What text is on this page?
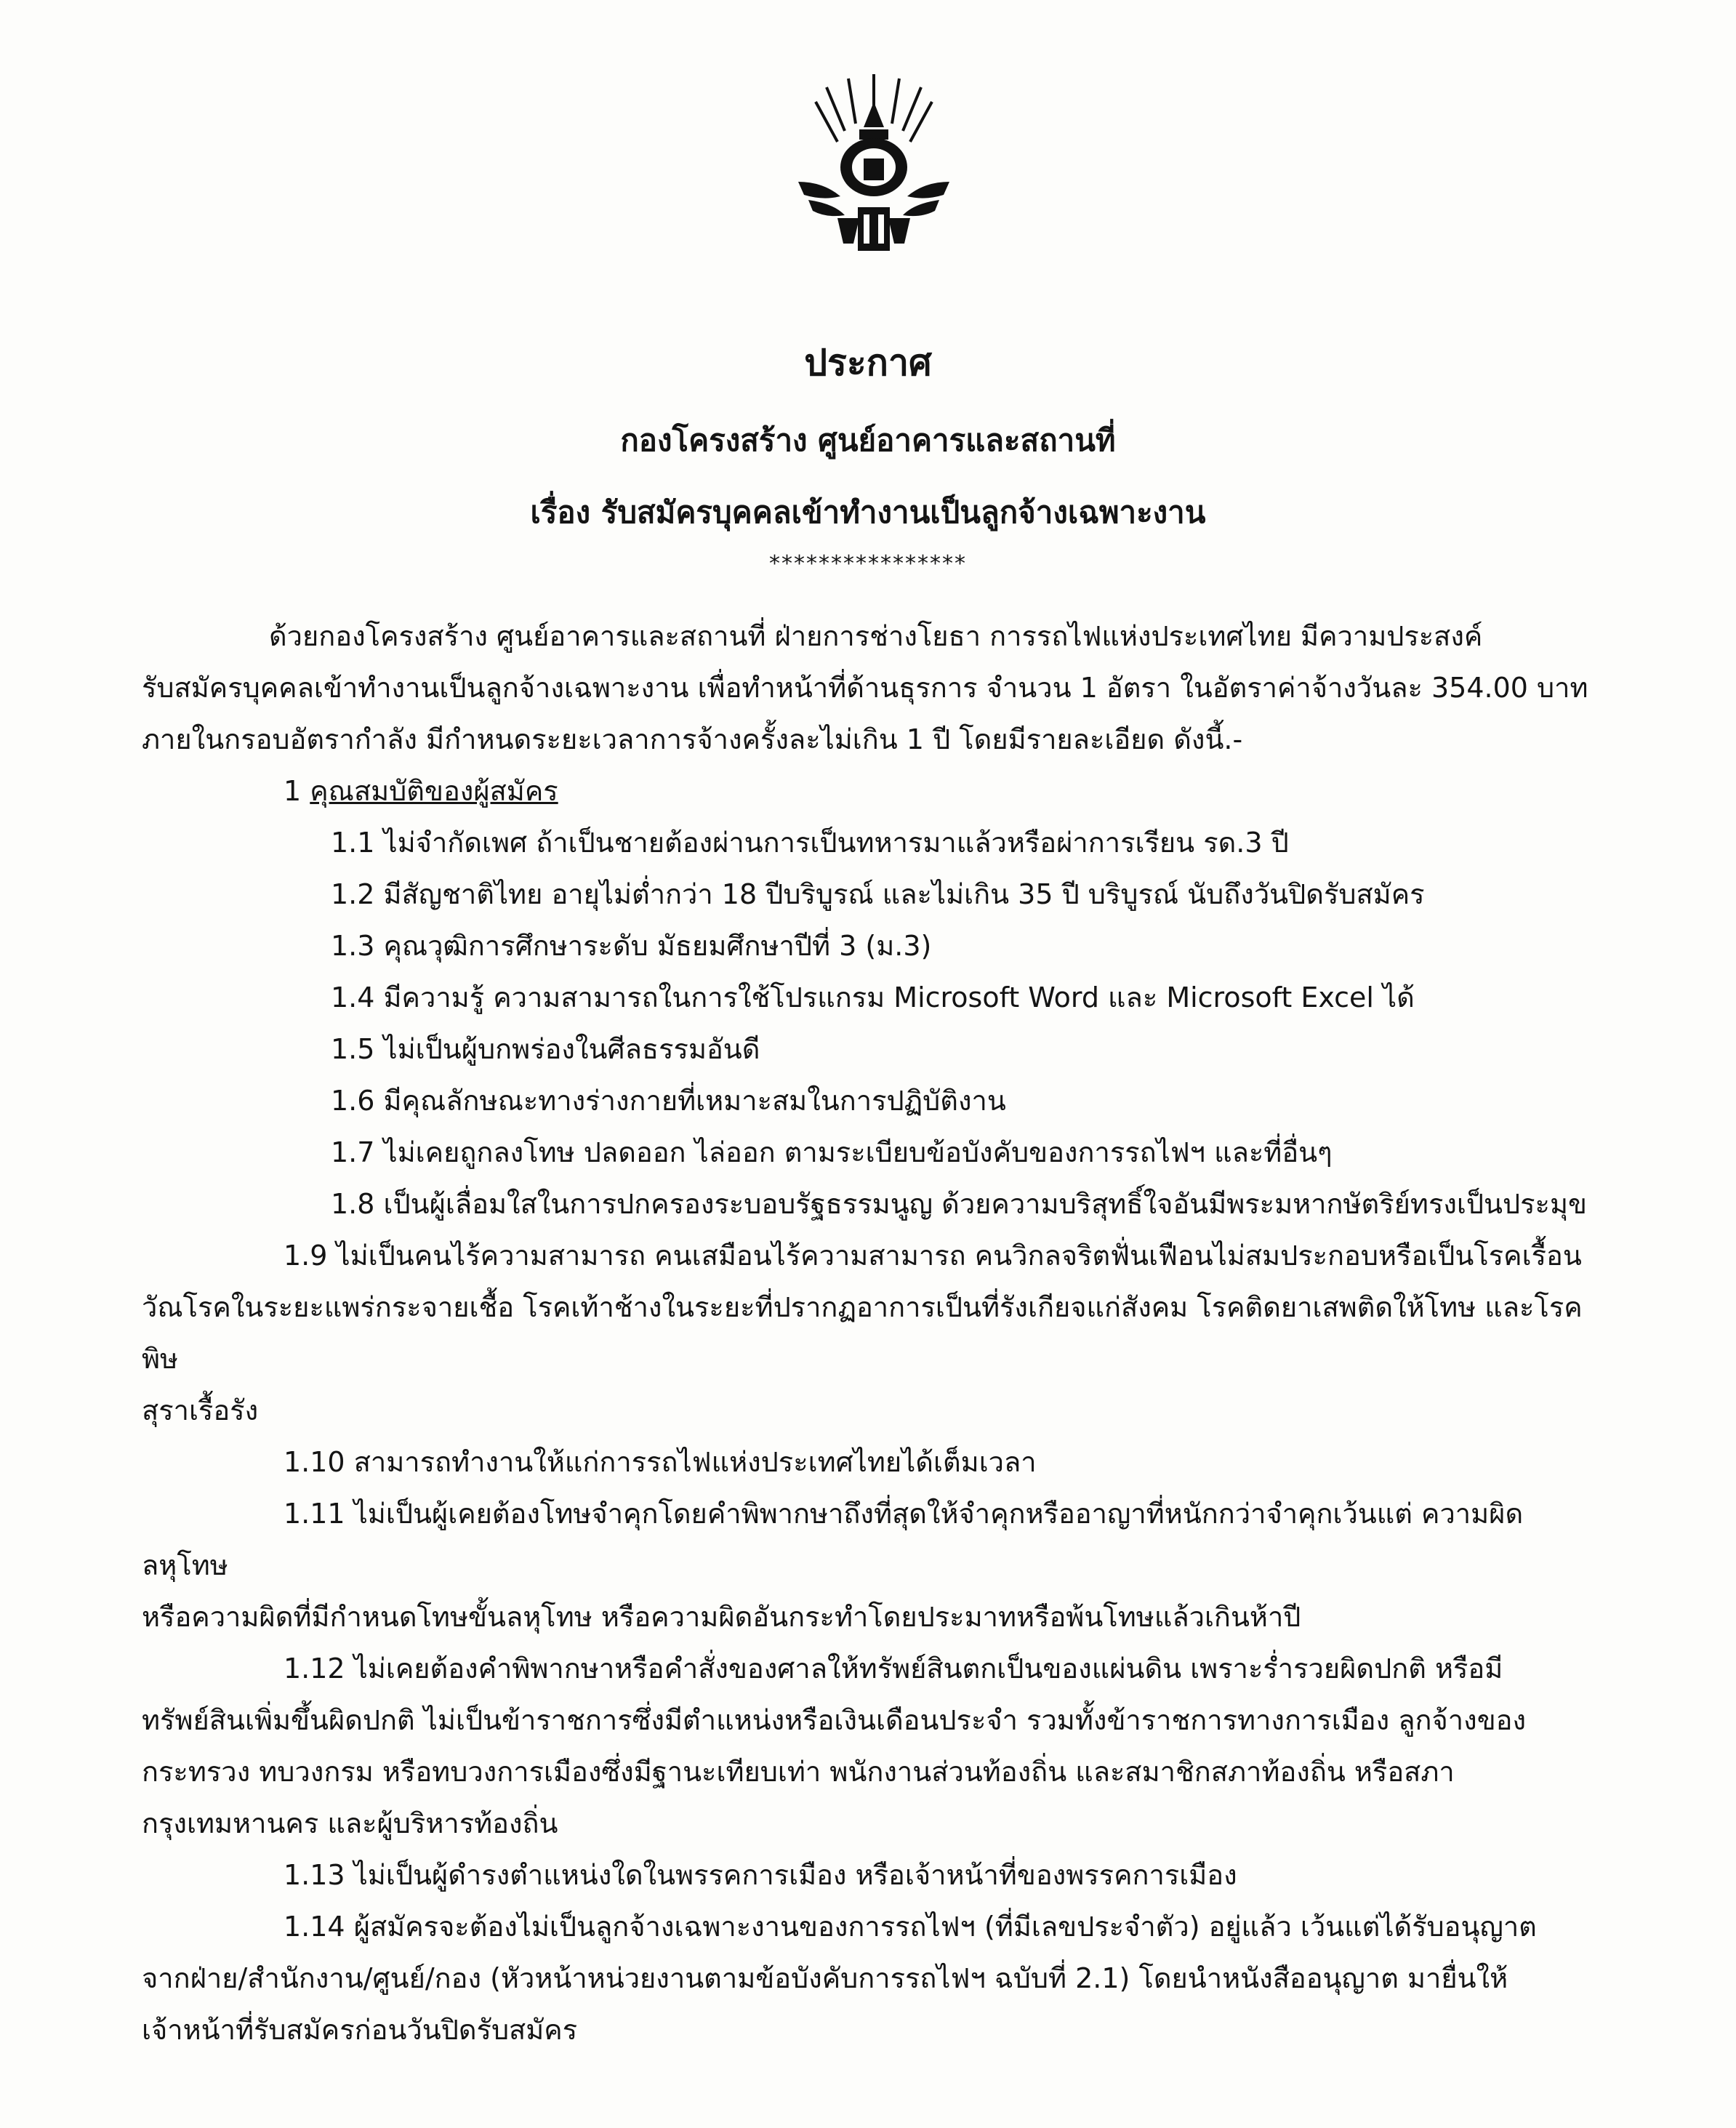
ประกาศ
กองโครงสร้าง ศูนย์อาคารและสถานที่
เรื่อง รับสมัครบุคคลเข้าทำงานเป็นลูกจ้างเฉพาะงาน
****************

ด้วยกองโครงสร้าง ศูนย์อาคารและสถานที่ ฝ่ายการช่างโยธา การรถไฟแห่งประเทศไทย มีความประสงค์

รับสมัครบุคคลเข้าทำงานเป็นลูกจ้างเฉพาะงาน เพื่อทำหน้าที่ด้านธุรการ จำนวน 1 อัตรา ในอัตราค่าจ้างวันละ 354.00 บาท

ภายในกรอบอัตรากำลัง มีกำหนดระยะเวลาการจ้างครั้งละไม่เกิน 1 ปี โดยมีรายละเอียด ดังนี้.-

1 คุณสมบัติของผู้สมัคร

1.1 ไม่จำกัดเพศ ถ้าเป็นชายต้องผ่านการเป็นทหารมาแล้วหรือผ่าการเรียน รด.3 ปี

1.2 มีสัญชาติไทย อายุไม่ต่ำกว่า 18 ปีบริบูรณ์ และไม่เกิน 35 ปี บริบูรณ์ นับถึงวันปิดรับสมัคร

1.3 คุณวุฒิการศึกษาระดับ มัธยมศึกษาปีที่ 3 (ม.3)

1.4 มีความรู้ ความสามารถในการใช้โปรแกรม Microsoft Word และ Microsoft Excel ได้

1.5 ไม่เป็นผู้บกพร่องในศีลธรรมอันดี

1.6 มีคุณลักษณะทางร่างกายที่เหมาะสมในการปฏิบัติงาน

1.7 ไม่เคยถูกลงโทษ ปลดออก ไล่ออก ตามระเบียบข้อบังคับของการรถไฟฯ และที่อื่นๆ

1.8 เป็นผู้เลื่อมใสในการปกครองระบอบรัฐธรรมนูญ ด้วยความบริสุทธิ์ใจอันมีพระมหากษัตริย์ทรงเป็นประมุข

1.9 ไม่เป็นคนไร้ความสามารถ คนเสมือนไร้ความสามารถ คนวิกลจริตฟั่นเฟือนไม่สมประกอบหรือเป็นโรคเรื้อน

วัณโรคในระยะแพร่กระจายเชื้อ โรคเท้าช้างในระยะที่ปรากฏอาการเป็นที่รังเกียจแก่สังคม โรคติดยาเสพติดให้โทษ และโรคพิษ

สุราเรื้อรัง

1.10 สามารถทำงานให้แก่การรถไฟแห่งประเทศไทยได้เต็มเวลา

1.11 ไม่เป็นผู้เคยต้องโทษจำคุกโดยคำพิพากษาถึงที่สุดให้จำคุกหรืออาญาที่หนักกว่าจำคุกเว้นแต่ ความผิดลหุโทษ

หรือความผิดที่มีกำหนดโทษขั้นลหุโทษ หรือความผิดอันกระทำโดยประมาทหรือพ้นโทษแล้วเกินห้าปี

1.12 ไม่เคยต้องคำพิพากษาหรือคำสั่งของศาลให้ทรัพย์สินตกเป็นของแผ่นดิน เพราะร่ำรวยผิดปกติ หรือมี

ทรัพย์สินเพิ่มขึ้นผิดปกติ ไม่เป็นข้าราชการซึ่งมีตำแหน่งหรือเงินเดือนประจำ รวมทั้งข้าราชการทางการเมือง ลูกจ้างของ

กระทรวง ทบวงกรม หรือทบวงการเมืองซึ่งมีฐานะเทียบเท่า พนักงานส่วนท้องถิ่น และสมาชิกสภาท้องถิ่น หรือสภา

กรุงเทมหานคร และผู้บริหารท้องถิ่น

1.13 ไม่เป็นผู้ดำรงตำแหน่งใดในพรรคการเมือง หรือเจ้าหน้าที่ของพรรคการเมือง

1.14 ผู้สมัครจะต้องไม่เป็นลูกจ้างเฉพาะงานของการรถไฟฯ (ที่มีเลขประจำตัว) อยู่แล้ว เว้นแต่ได้รับอนุญาต

จากฝ่าย/สำนักงาน/ศูนย์/กอง (หัวหน้าหน่วยงานตามข้อบังคับการรถไฟฯ ฉบับที่ 2.1) โดยนำหนังสืออนุญาต มายื่นให้

เจ้าหน้าที่รับสมัครก่อนวันปิดรับสมัคร
